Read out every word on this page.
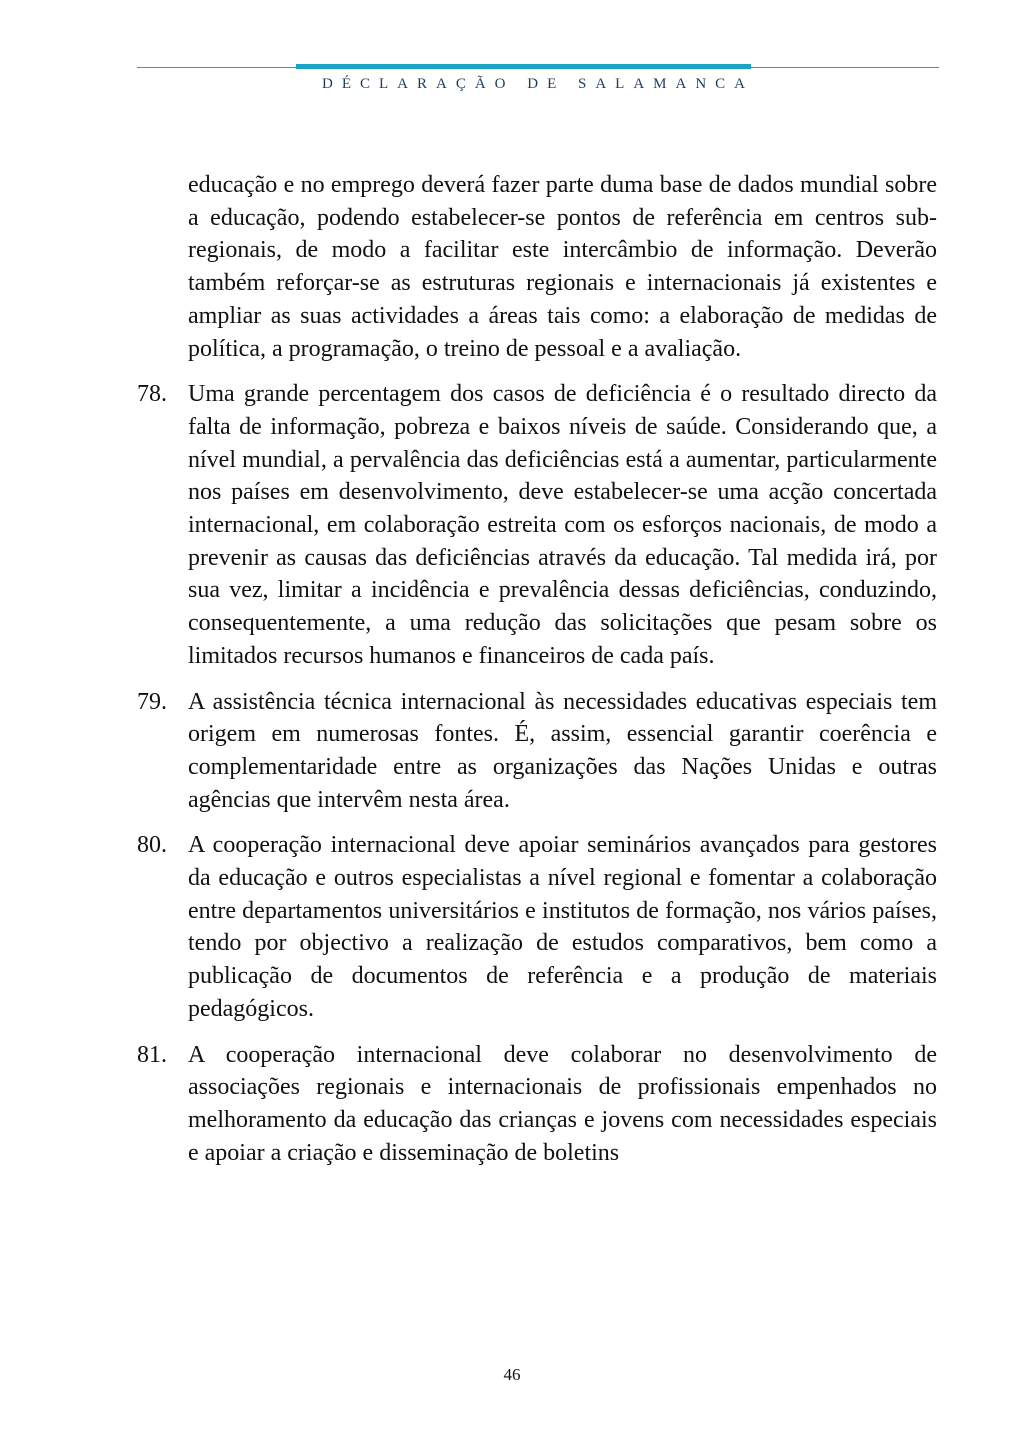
DÉCLARAÇÃO DE SALAMANCA
educação e no emprego deverá fazer parte duma base de dados mundial sobre a educação, podendo estabelecer-se pontos de referência em centros sub-regionais, de modo a facilitar este intercâmbio de informação. Deverão também reforçar-se as estruturas regionais e internacionais já existentes e ampliar as suas actividades a áreas tais como: a elaboração de medidas de política, a programação, o treino de pessoal e a avaliação.
78. Uma grande percentagem dos casos de deficiência é o resultado directo da falta de informação, pobreza e baixos níveis de saúde. Considerando que, a nível mundial, a pervalência das deficiências está a aumentar, particularmente nos países em desenvolvimento, deve estabelecer-se uma acção concertada internacional, em colaboração estreita com os esforços nacionais, de modo a prevenir as causas das deficiências através da educação. Tal medida irá, por sua vez, limitar a incidência e prevalência dessas deficiências, conduzindo, consequentemente, a uma redução das solicitações que pesam sobre os limitados recursos humanos e financeiros de cada país.
79. A assistência técnica internacional às necessidades educativas especiais tem origem em numerosas fontes. É, assim, essencial garantir coerência e complementaridade entre as organizações das Nações Unidas e outras agências que intervêm nesta área.
80. A cooperação internacional deve apoiar seminários avançados para gestores da educação e outros especialistas a nível regional e fomentar a colaboração entre departamentos universitários e institutos de formação, nos vários países, tendo por objectivo a realização de estudos comparativos, bem como a publicação de documentos de referência e a produção de materiais pedagógicos.
81. A cooperação internacional deve colaborar no desenvolvimento de associações regionais e internacionais de profissionais empenhados no melhoramento da educação das crianças e jovens com necessidades especiais e apoiar a criação e disseminação de boletins
46
